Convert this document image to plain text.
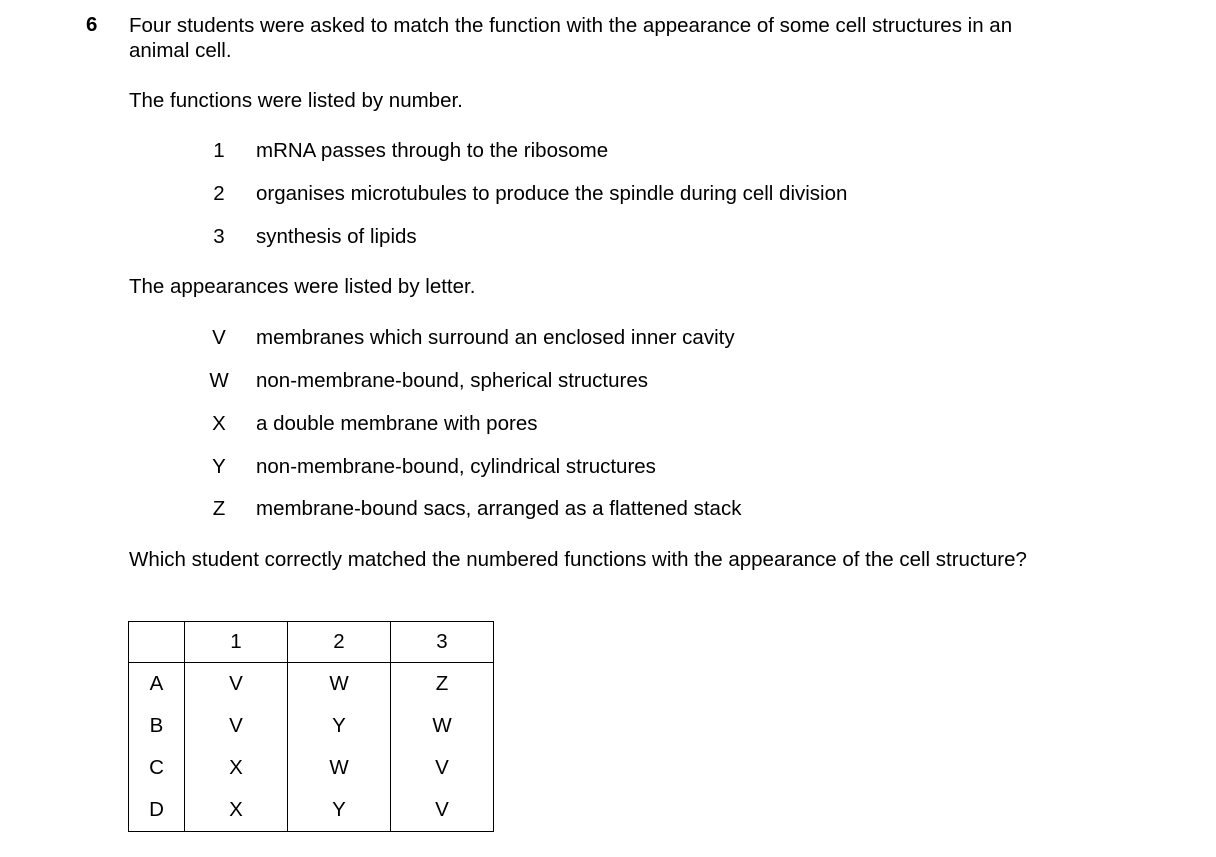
6 Four students were asked to match the function with the appearance of some cell structures in an animal cell.
The functions were listed by number.
1	mRNA passes through to the ribosome
2	organises microtubules to produce the spindle during cell division
3	synthesis of lipids
The appearances were listed by letter.
V	membranes which surround an enclosed inner cavity
W	non-membrane-bound, spherical structures
X	a double membrane with pores
Y	non-membrane-bound, cylindrical structures
Z	membrane-bound sacs, arranged as a flattened stack
Which student correctly matched the numbered functions with the appearance of the cell structure?
	1	2	3
A	V	W	Z
B	V	Y	W
C	X	W	V
D	X	Y	V
